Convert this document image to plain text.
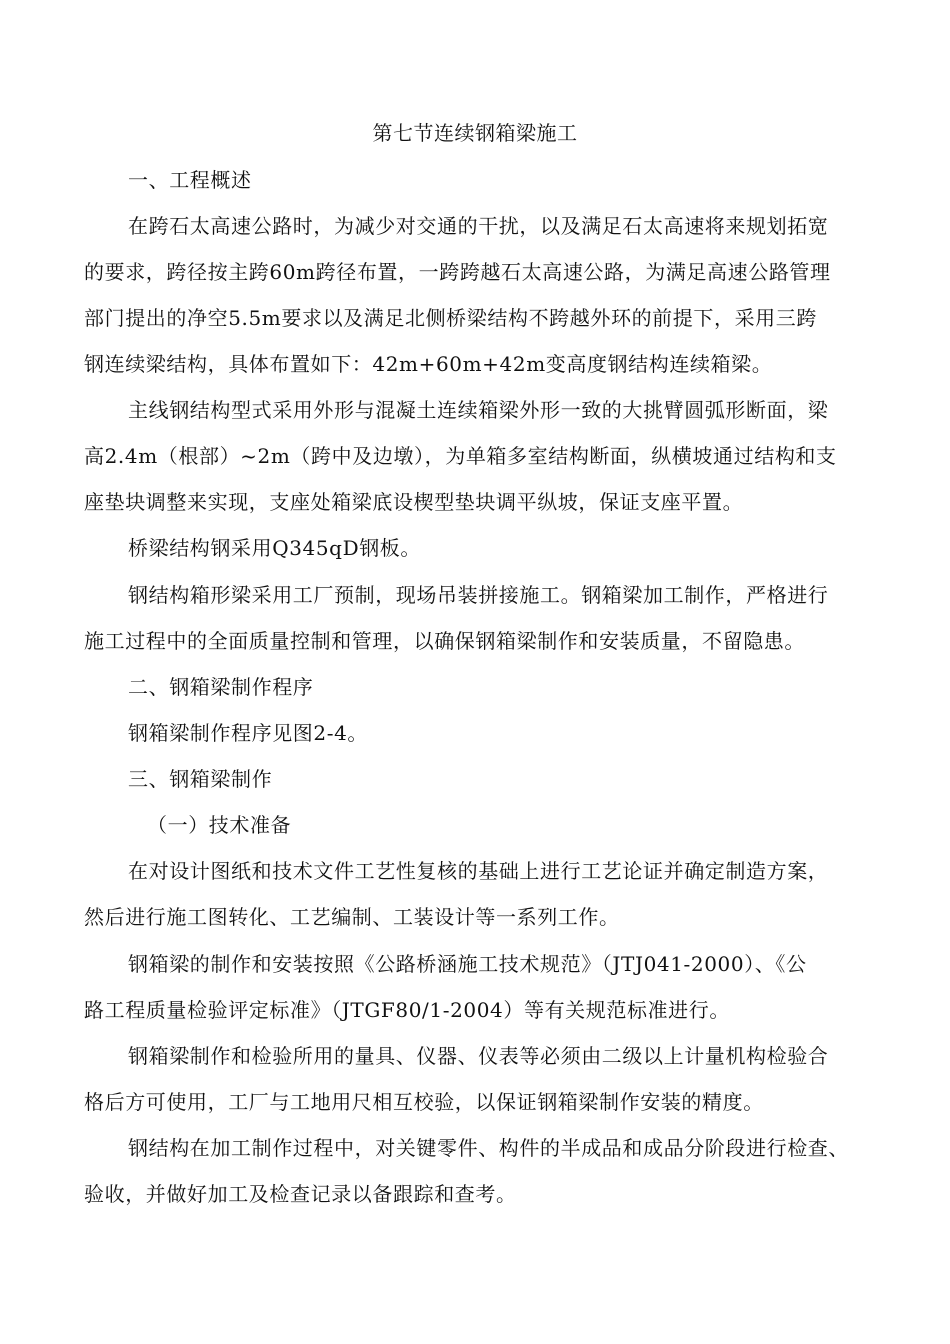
第七节连续钢箱梁施工
一、工程概述
在跨石太高速公路时，为减少对交通的干扰，以及满足石太高速将来规划拓宽
的要求，跨径按主跨60m跨径布置，一跨跨越石太高速公路，为满足高速公路管理
部门提出的净空5.5m要求以及满足北侧桥梁结构不跨越外环的前提下，采用三跨
钢连续梁结构，具体布置如下：42m+60m+42m变高度钢结构连续箱梁。
主线钢结构型式采用外形与混凝土连续箱梁外形一致的大挑臂圆弧形断面，梁
高2.4m（根部）~2m（跨中及边墩），为单箱多室结构断面，纵横坡通过结构和支
座垫块调整来实现，支座处箱梁底设楔型垫块调平纵坡，保证支座平置。
桥梁结构钢采用Q345qD钢板。
钢结构箱形梁采用工厂预制，现场吊装拼接施工。钢箱梁加工制作，严格进行
施工过程中的全面质量控制和管理，以确保钢箱梁制作和安装质量，不留隐患。
二、钢箱梁制作程序
钢箱梁制作程序见图2-4。
三、钢箱梁制作
（一）技术准备
在对设计图纸和技术文件工艺性复核的基础上进行工艺论证并确定制造方案，
然后进行施工图转化、工艺编制、工装设计等一系列工作。
钢箱梁的制作和安装按照《公路桥涵施工技术规范》（JTJ041-2000）、《公
路工程质量检验评定标准》（JTGF80/1-2004）等有关规范标准进行。
钢箱梁制作和检验所用的量具、仪器、仪表等必须由二级以上计量机构检验合
格后方可使用，工厂与工地用尺相互校验，以保证钢箱梁制作安装的精度。
钢结构在加工制作过程中，对关键零件、构件的半成品和成品分阶段进行检查、
验收，并做好加工及检查记录以备跟踪和查考。
